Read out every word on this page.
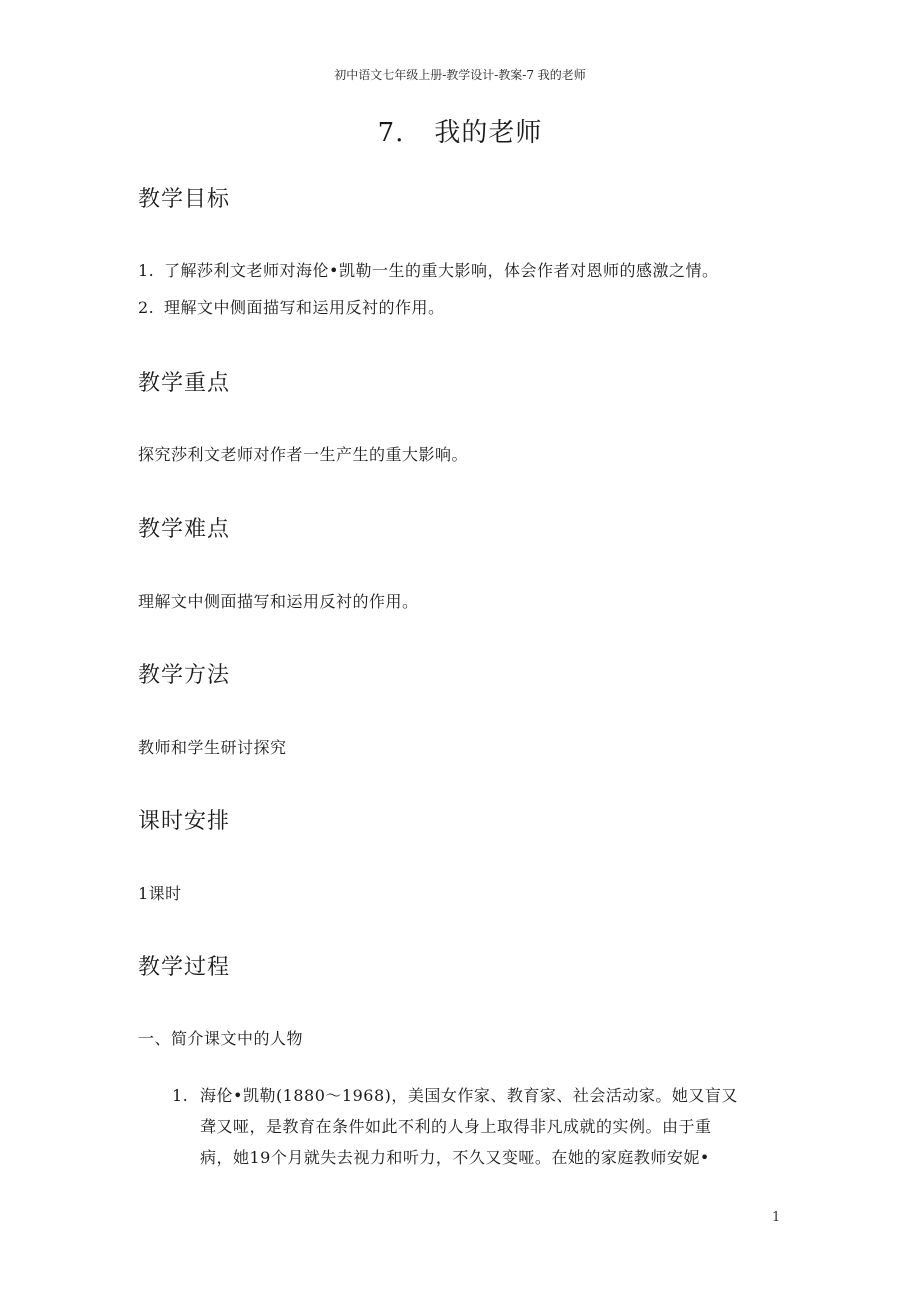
初中语文七年级上册-教学设计-教案-7 我的老师
7. 我的老师
教学目标
1. 了解莎利文老师对海伦•凯勒一生的重大影响，体会作者对恩师的感激之情。
2. 理解文中侧面描写和运用反衬的作用。
教学重点
探究莎利文老师对作者一生产生的重大影响。
教学难点
理解文中侧面描写和运用反衬的作用。
教学方法
教师和学生研讨探究
课时安排
1课时
教学过程
一、简介课文中的人物
1. 海伦•凯勒(1880～1968)，美国女作家、教育家、社会活动家。她又盲又
聋又哑，是教育在条件如此不利的人身上取得非凡成就的实例。由于重
病，她19个月就失去视力和听力，不久又变哑。在她的家庭教师安妮•
1
